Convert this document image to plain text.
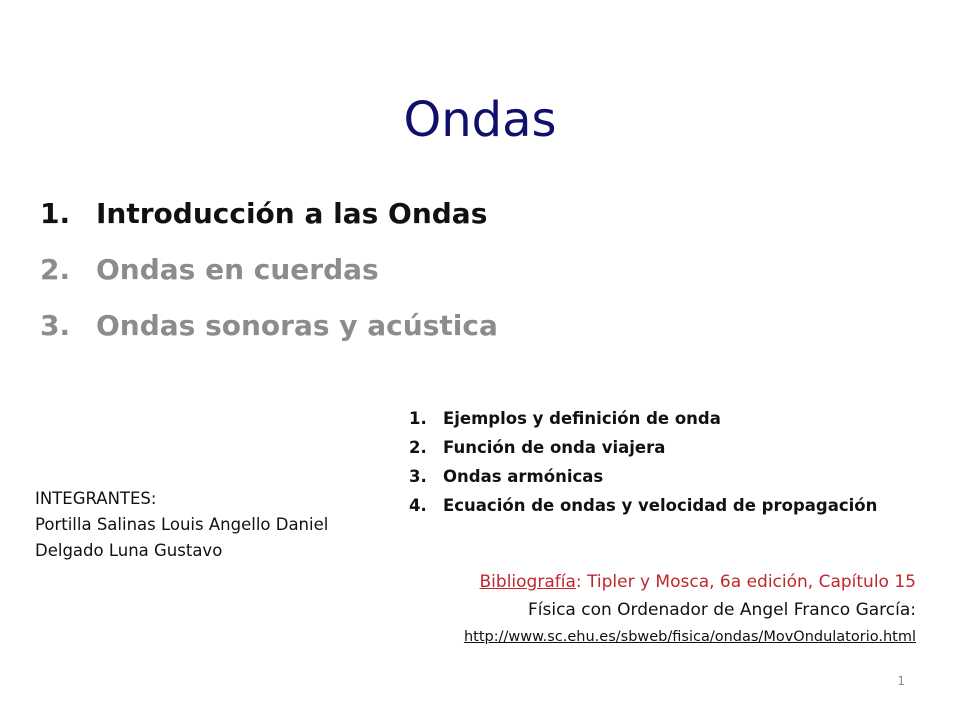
Ondas
1. Introducción a las Ondas
2. Ondas en cuerdas
3. Ondas sonoras y acústica
1. Ejemplos y definición de onda
2. Función de onda viajera
3. Ondas armónicas
4. Ecuación de ondas y velocidad de propagación
INTEGRANTES:
Portilla Salinas Louis Angello Daniel
Delgado Luna Gustavo
Bibliografía: Tipler y Mosca, 6a edición, Capítulo 15
Física con Ordenador de Angel Franco García:
http://www.sc.ehu.es/sbweb/fisica/ondas/MovOndulatorio.html
1
